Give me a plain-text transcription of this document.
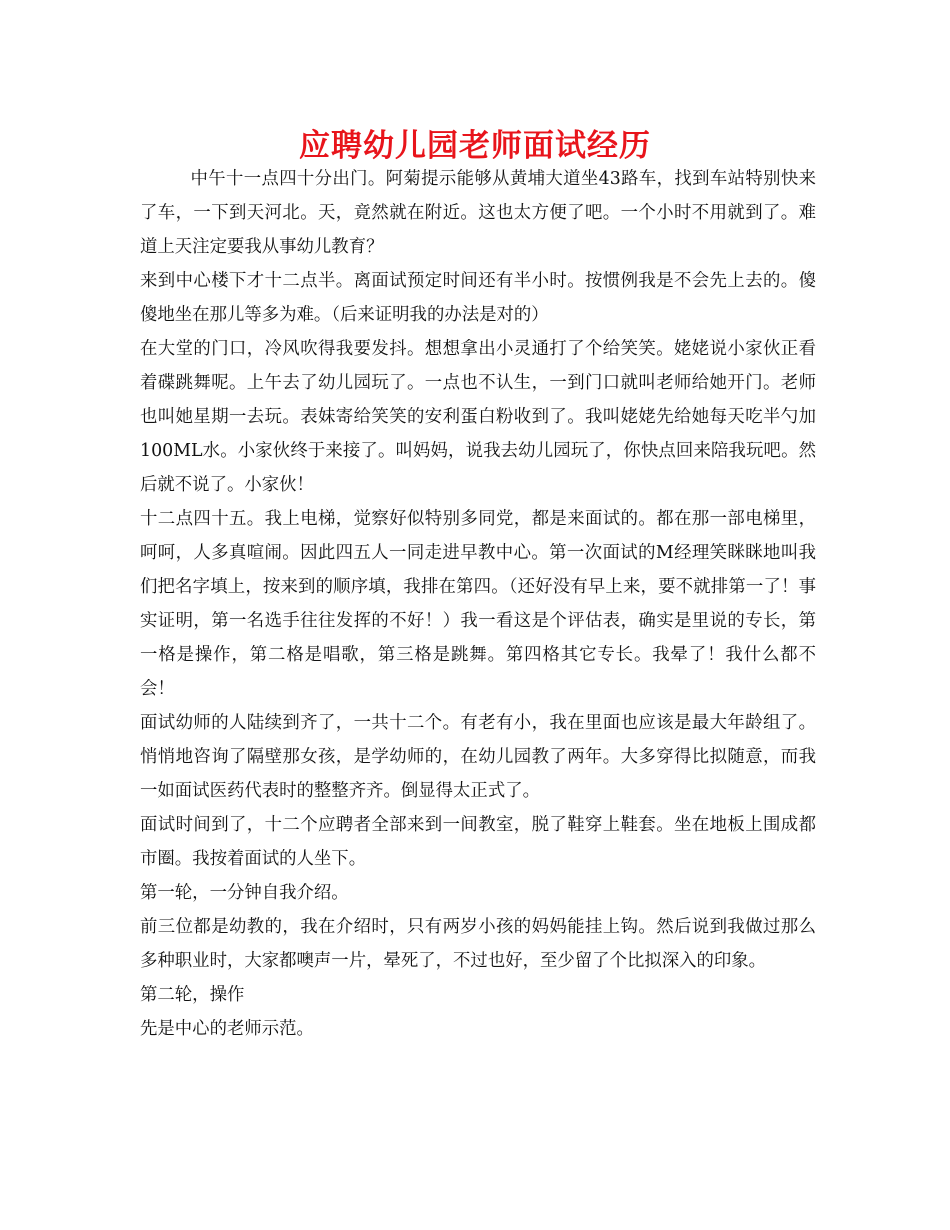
应聘幼儿园老师面试经历

中午十一点四十分出门。阿菊提示能够从黄埔大道坐43路车，找到车站特别快来了车，一下到天河北。天，竟然就在附近。这也太方便了吧。一个小时不用就到了。难道上天注定要我从事幼儿教育？

来到中心楼下才十二点半。离面试预定时间还有半小时。按惯例我是不会先上去的。傻傻地坐在那儿等多为难。（后来证明我的办法是对的）

在大堂的门口，冷风吹得我要发抖。想想拿出小灵通打了个给笑笑。姥姥说小家伙正看着碟跳舞呢。上午去了幼儿园玩了。一点也不认生，一到门口就叫老师给她开门。老师也叫她星期一去玩。表妹寄给笑笑的安利蛋白粉收到了。我叫姥姥先给她每天吃半勺加100ML水。小家伙终于来接了。叫妈妈，说我去幼儿园玩了，你快点回来陪我玩吧。然后就不说了。小家伙！

十二点四十五。我上电梯，觉察好似特别多同党，都是来面试的。都在那一部电梯里，呵呵，人多真喧闹。因此四五人一同走进早教中心。第一次面试的M经理笑眯眯地叫我们把名字填上，按来到的顺序填，我排在第四。（还好没有早上来，要不就排第一了！事实证明，第一名选手往往发挥的不好！）我一看这是个评估表，确实是里说的专长，第一格是操作，第二格是唱歌，第三格是跳舞。第四格其它专长。我晕了！我什么都不会！

面试幼师的人陆续到齐了，一共十二个。有老有小，我在里面也应该是最大年龄组了。悄悄地咨询了隔壁那女孩，是学幼师的，在幼儿园教了两年。大多穿得比拟随意，而我一如面试医药代表时的整整齐齐。倒显得太正式了。

面试时间到了，十二个应聘者全部来到一间教室，脱了鞋穿上鞋套。坐在地板上围成都市圈。我按着面试的人坐下。

第一轮，一分钟自我介绍。

前三位都是幼教的，我在介绍时，只有两岁小孩的妈妈能挂上钩。然后说到我做过那么多种职业时，大家都噢声一片，晕死了，不过也好，至少留了个比拟深入的印象。

第二轮，操作

先是中心的老师示范。
